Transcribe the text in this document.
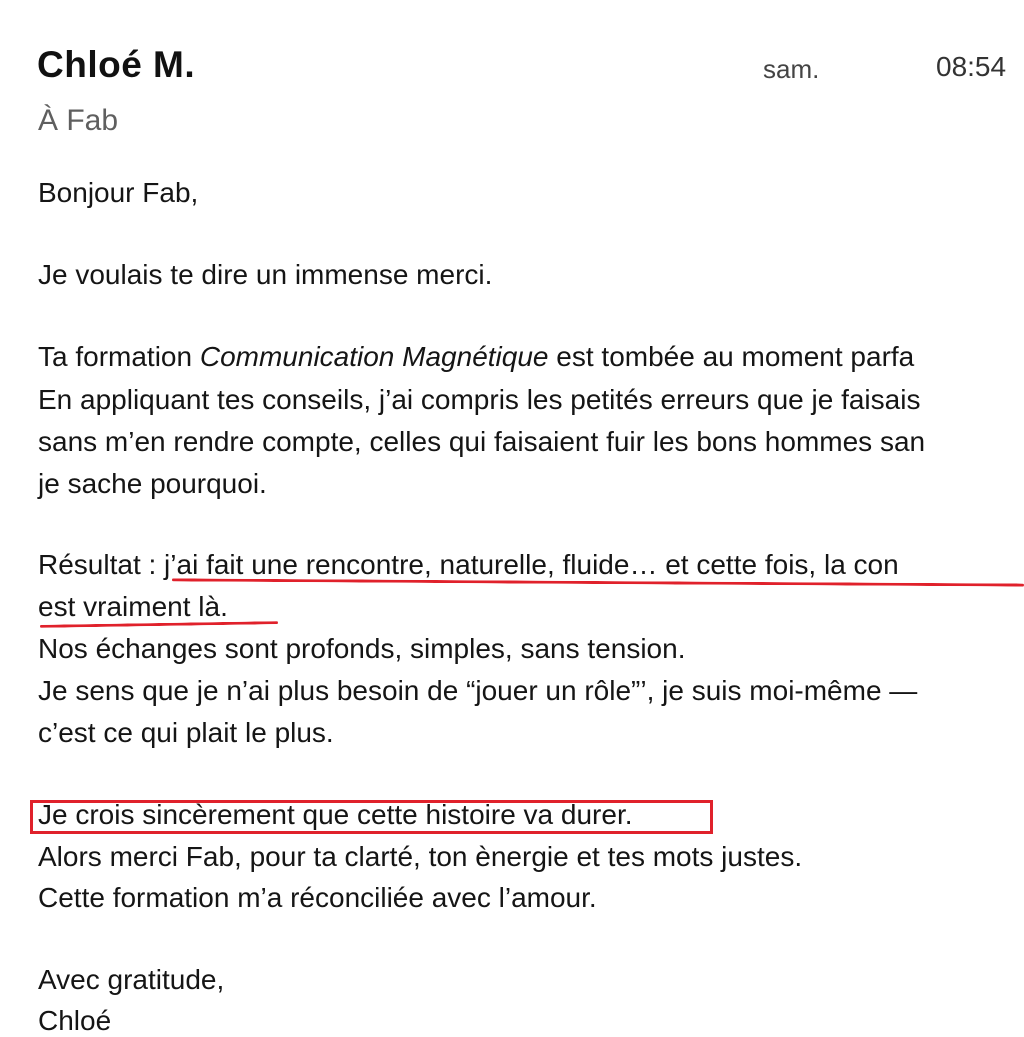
Chloé M.	sam.	08:54
À Fab
Bonjour Fab,
Je voulais te dire un immense merci.
Ta formation Communication Magnétique est tombée au moment parfa
En appliquant tes conseils, j’ai compris les petités erreurs que je faisais
sans m’en rendre compte, celles qui faisaient fuir les bons hommes san
je sache pourquoi.
Résultat : j’ai fait une rencontre, naturelle, fluide… et cette fois, la con
est vraiment là.
Nos échanges sont profonds, simples, sans tension.
Je sens que je n’ai plus besoin de “jouer un rôle”’, je suis moi-même —
c’est ce qui plait le plus.
Je crois sincèrement que cette histoire va durer.
Alors merci Fab, pour ta clarté, ton ènergie et tes mots justes.
Cette formation m’a réconciliée avec l’amour.
Avec gratitude,
Chloé
